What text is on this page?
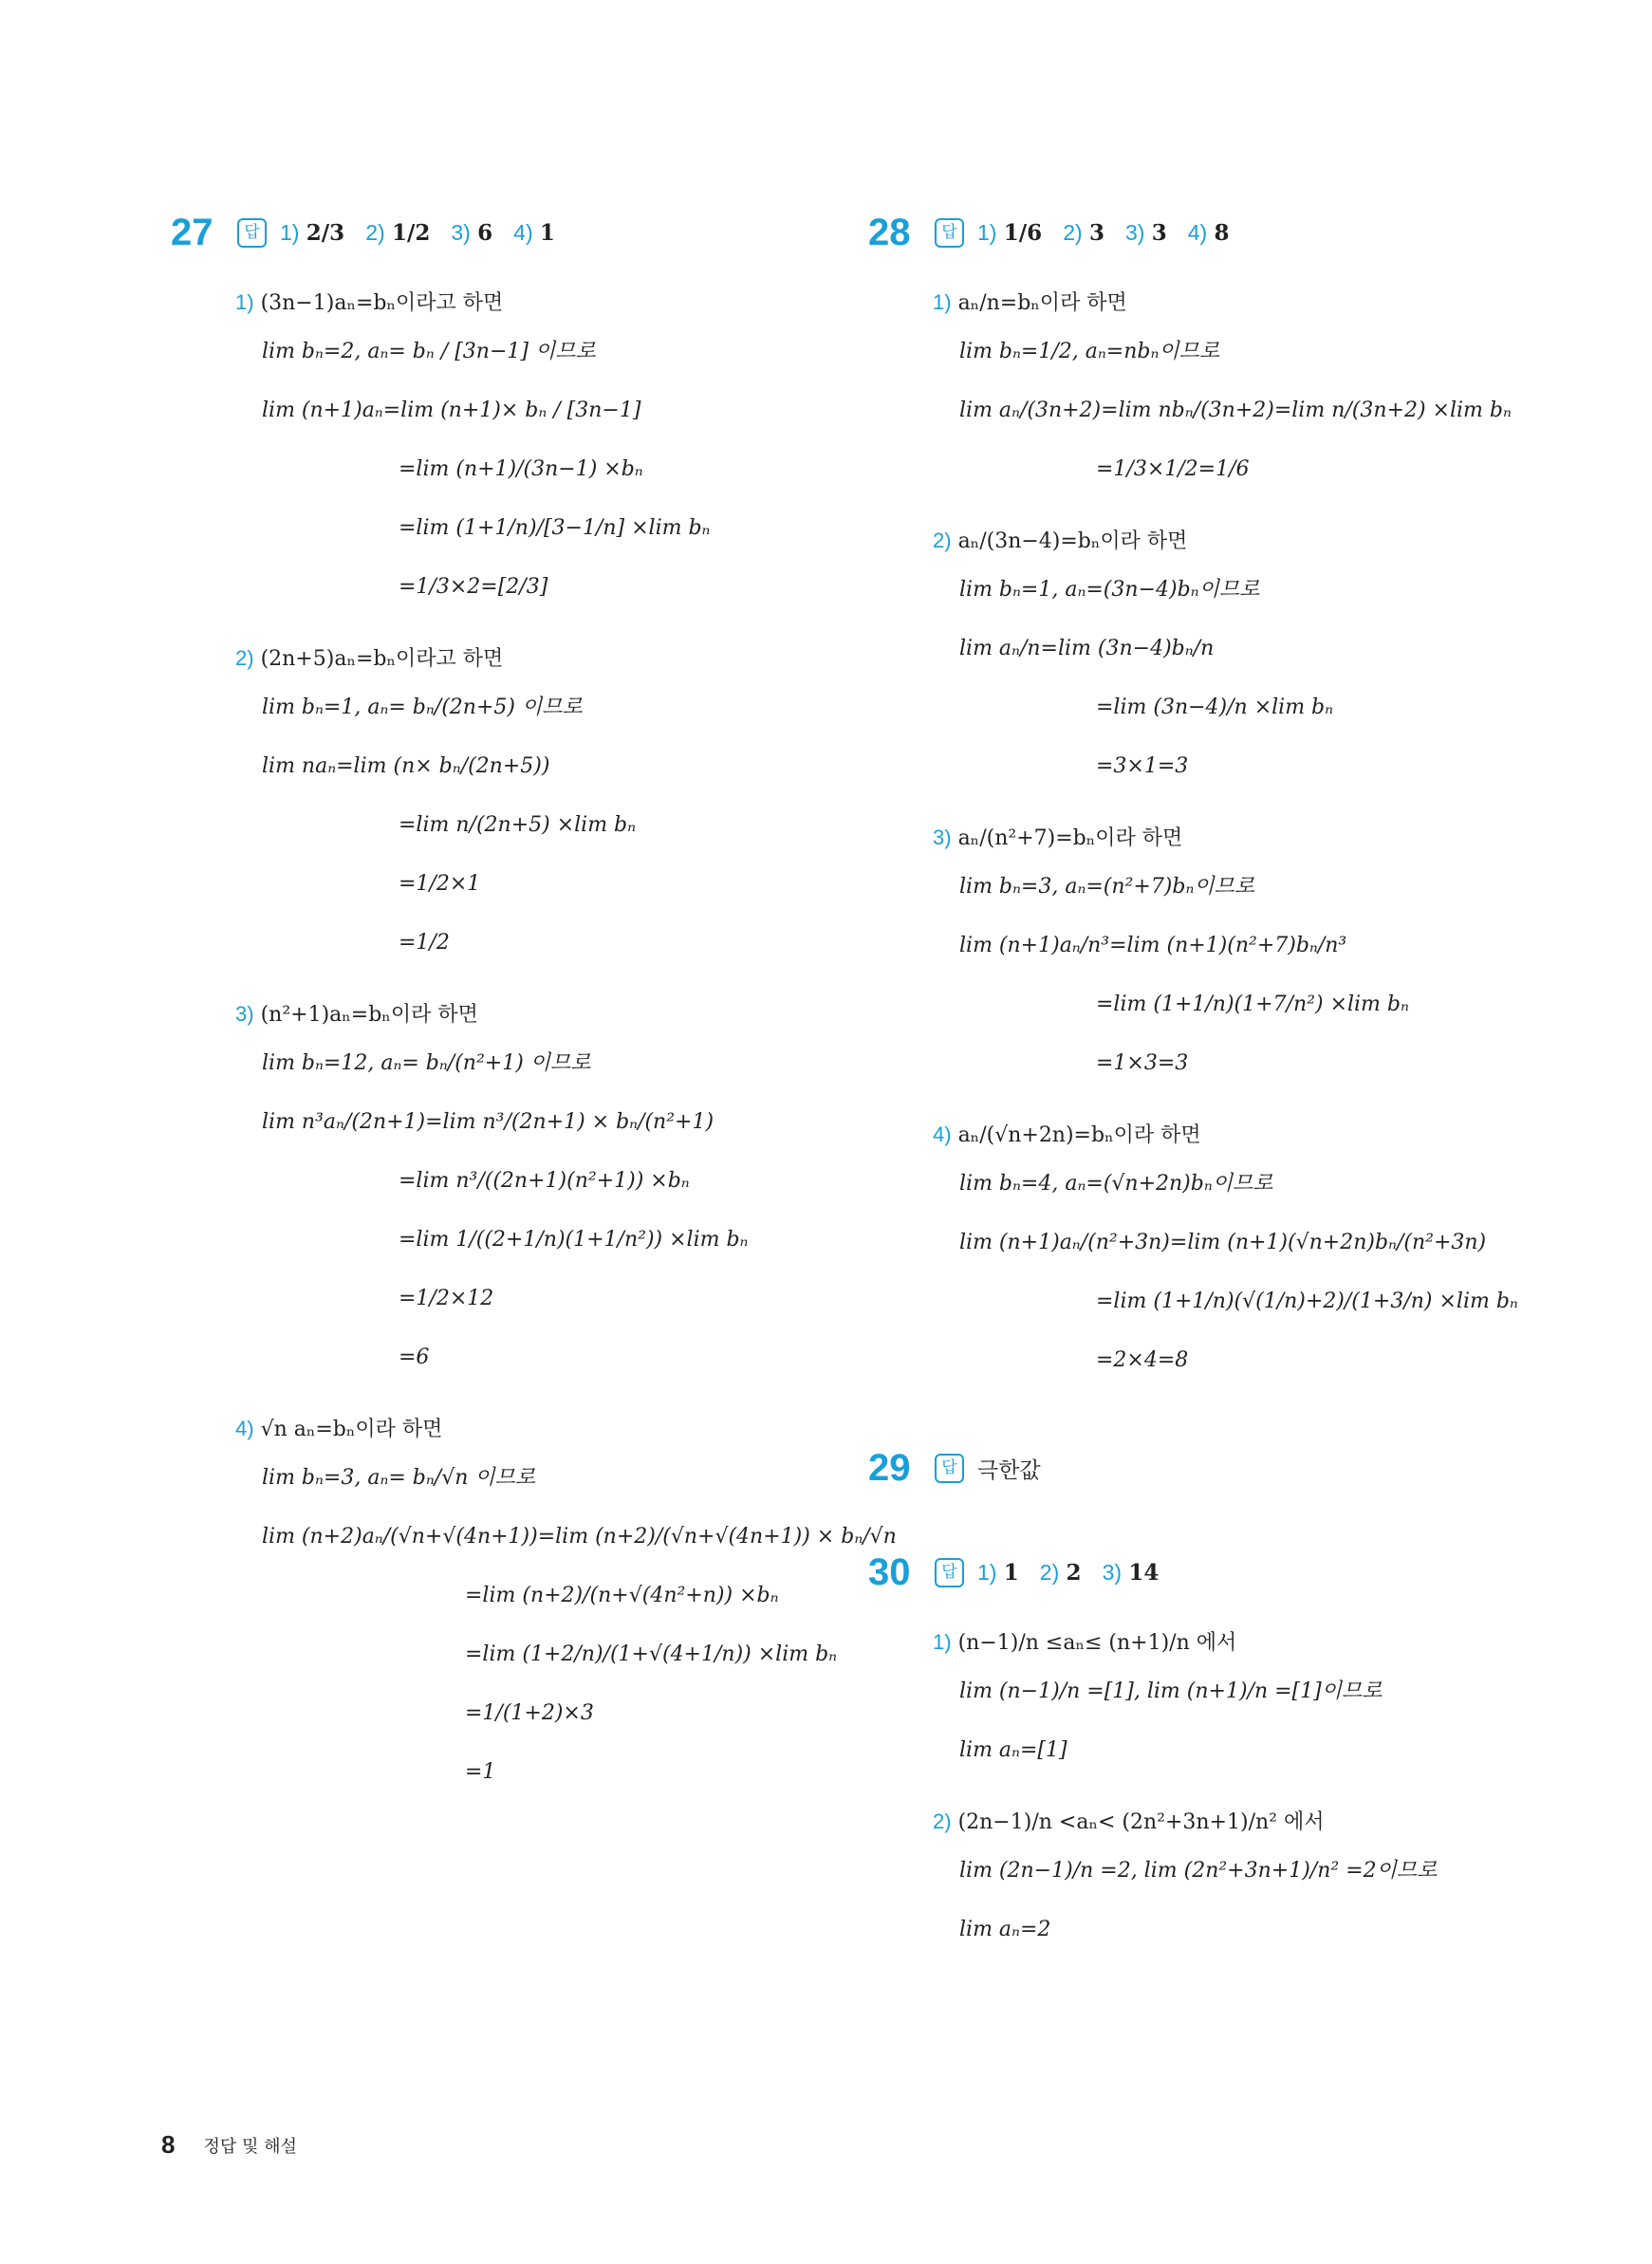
27	답 1) 2/3 2) 1/2 3) 6 4) 1
1) (3n−1)aₙ=bₙ이라고 하면
lim bₙ=2, aₙ= bₙ / [3n−1] 이므로
lim (n+1)aₙ=lim (n+1)× bₙ / [3n−1]
=lim (n+1)/(3n−1) ×bₙ
=lim (1+1/n)/[3−1/n] ×lim bₙ
=1/3×2=[2/3]
2) (2n+5)aₙ=bₙ이라고 하면
lim bₙ=1, aₙ= bₙ/(2n+5) 이므로
lim naₙ=lim (n× bₙ/(2n+5))
=lim n/(2n+5) ×lim bₙ
=1/2×1
=1/2
3) (n²+1)aₙ=bₙ이라 하면
lim bₙ=12, aₙ= bₙ/(n²+1) 이므로
lim n³aₙ/(2n+1)=lim n³/(2n+1) × bₙ/(n²+1)
=lim n³/((2n+1)(n²+1)) ×bₙ
=lim 1/((2+1/n)(1+1/n²)) ×lim bₙ
=1/2×12
=6
4) √n aₙ=bₙ이라 하면
lim bₙ=3, aₙ= bₙ/√n 이므로
lim (n+2)aₙ/(√n+√(4n+1))=lim (n+2)/(√n+√(4n+1)) × bₙ/√n
=lim (n+2)/(n+√(4n²+n)) ×bₙ
=lim (1+2/n)/(1+√(4+1/n)) ×lim bₙ
=1/(1+2)×3
=1
28	답 1) 1/6 2) 3 3) 3 4) 8
1) aₙ/n=bₙ이라 하면
lim bₙ=1/2, aₙ=nbₙ이므로
lim aₙ/(3n+2)=lim nbₙ/(3n+2)=lim n/(3n+2) ×lim bₙ
=1/3×1/2=1/6
2) aₙ/(3n−4)=bₙ이라 하면
lim bₙ=1, aₙ=(3n−4)bₙ이므로
lim aₙ/n=lim (3n−4)bₙ/n
=lim (3n−4)/n ×lim bₙ
=3×1=3
3) aₙ/(n²+7)=bₙ이라 하면
lim bₙ=3, aₙ=(n²+7)bₙ이므로
lim (n+1)aₙ/n³=lim (n+1)(n²+7)bₙ/n³
=lim (1+1/n)(1+7/n²) ×lim bₙ
=1×3=3
4) aₙ/(√n+2n)=bₙ이라 하면
lim bₙ=4, aₙ=(√n+2n)bₙ이므로
lim (n+1)aₙ/(n²+3n)=lim (n+1)(√n+2n)bₙ/(n²+3n)
=lim (1+1/n)(√(1/n)+2)/(1+3/n) ×lim bₙ
=2×4=8
29	답 극한값
30	답 1) 1 2) 2 3) 14
1) (n−1)/n ≤aₙ≤ (n+1)/n 에서
lim (n−1)/n =[1], lim (n+1)/n =[1]이므로
lim aₙ=[1]
2) (2n−1)/n <aₙ< (2n²+3n+1)/n² 에서
lim (2n−1)/n =2, lim (2n²+3n+1)/n² =2이므로
lim aₙ=2
8 정답 및 해설
